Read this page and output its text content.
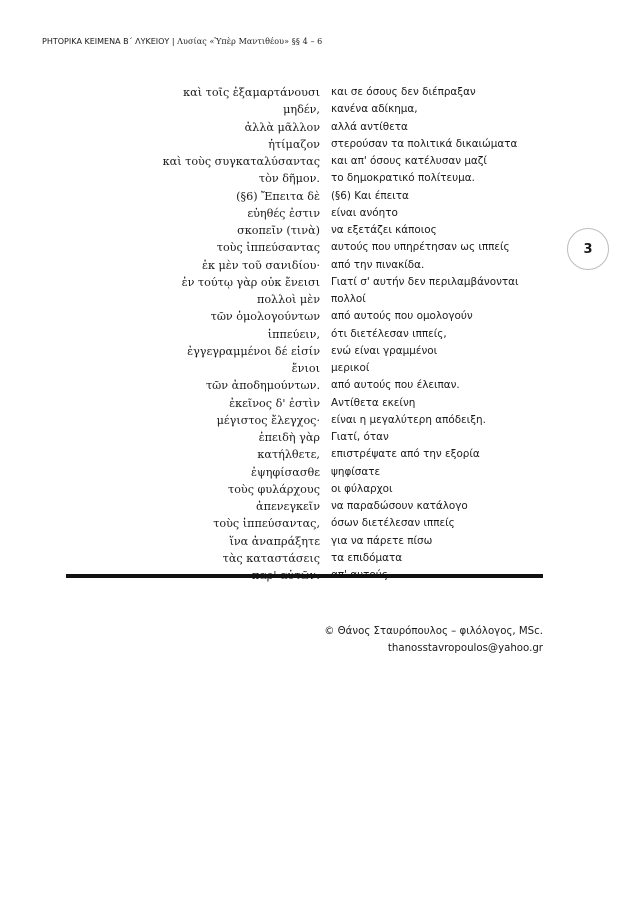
ΡΗΤΟΡΙΚΑ ΚΕΙΜΕΝΑ Β΄ ΛΥΚΕΙΟΥ | Λυσίας «Ὑπὲρ Μαντιθέου» §§ 4 – 6
3
καὶ τοῖς ἐξαμαρτάνουσι και σε όσους δεν διέπραξαν
μηδέν, κανένα αδίκημα,
ἀλλὰ μᾶλλον αλλά αντίθετα
ἠτίμαζον στερούσαν τα πολιτικά δικαιώματα
καὶ τοὺς συγκαταλύσαντας και απ' όσους κατέλυσαν μαζί
τὸν δῆμον. το δημοκρατικό πολίτευμα.
(§6) Ἔπειτα δὲ (§6) Και έπειτα
εὐηθές ἐστιν είναι ανόητο
σκοπεῖν (τινὰ) να εξετάζει κάποιος
τοὺς ἱππεύσαντας αυτούς που υπηρέτησαν ως ιππείς
ἐκ μὲν τοῦ σανιδίου· από την πινακίδα.
ἐν τούτῳ γὰρ οὐκ ἔνεισι Γιατί σ' αυτήν δεν περιλαμβάνονται
πολλοὶ μὲν πολλοί
τῶν ὁμολογούντων από αυτούς που ομολογούν
ἱππεύειν, ότι διετέλεσαν ιππείς,
ἐγγεγραμμένοι δέ εἰσίν ενώ είναι γραμμένοι
ἔνιοι μερικοί
τῶν ἀποδημούντων. από αυτούς που έλειπαν.
ἐκεῖνος δ' ἐστὶν Αντίθετα εκείνη
μέγιστος ἔλεγχος· είναι η μεγαλύτερη απόδειξη.
ἐπειδὴ γὰρ Γιατί, όταν
κατήλθετε, επιστρέψατε από την εξορία
ἐψηφίσασθε ψηφίσατε
τοὺς φυλάρχους οι φύλαρχοι
ἀπενεγκεῖν να παραδώσουν κατάλογο
τοὺς ἱππεύσαντας, όσων διετέλεσαν ιππείς
ἵνα ἀναπράξητε για να πάρετε πίσω
τὰς καταστάσεις τα επιδόματα
© Θάνος Σταυρόπουλος – φιλόλογος, MSc.
thanosstavropoulos@yahoo.gr
